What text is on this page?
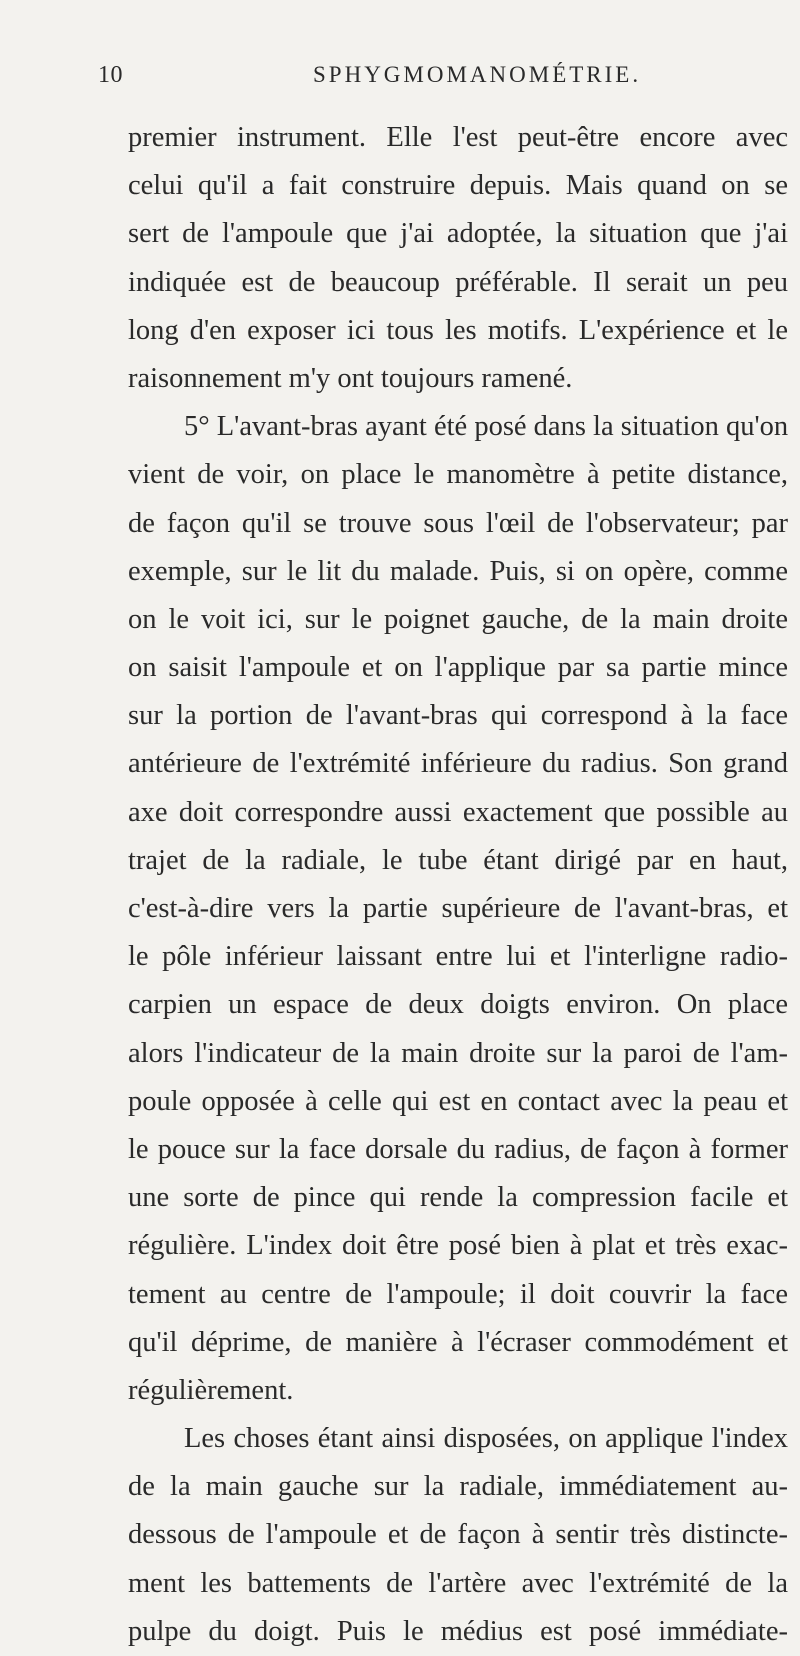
10	SPHYGMOMANOMÉTRIE.
premier instrument. Elle l'est peut-être encore avec
celui qu'il a fait construire depuis. Mais quand on se
sert de l'ampoule que j'ai adoptée, la situation que j'ai
indiquée est de beaucoup préférable. Il serait un peu
long d'en exposer ici tous les motifs. L'expérience et le
raisonnement m'y ont toujours ramené.
5° L'avant-bras ayant été posé dans la situation qu'on
vient de voir, on place le manomètre à petite distance,
de façon qu'il se trouve sous l'œil de l'observateur; par
exemple, sur le lit du malade. Puis, si on opère, comme
on le voit ici, sur le poignet gauche, de la main droite
on saisit l'ampoule et on l'applique par sa partie mince
sur la portion de l'avant-bras qui correspond à la face
antérieure de l'extrémité inférieure du radius. Son grand
axe doit correspondre aussi exactement que possible au
trajet de la radiale, le tube étant dirigé par en haut,
c'est-à-dire vers la partie supérieure de l'avant-bras, et
le pôle inférieur laissant entre lui et l'interligne radio-
carpien un espace de deux doigts environ. On place
alors l'indicateur de la main droite sur la paroi de l'am-
poule opposée à celle qui est en contact avec la peau et
le pouce sur la face dorsale du radius, de façon à former
une sorte de pince qui rende la compression facile et
régulière. L'index doit être posé bien à plat et très exac-
tement au centre de l'ampoule; il doit couvrir la face
qu'il déprime, de manière à l'écraser commodément et
régulièrement.
Les choses étant ainsi disposées, on applique l'index
de la main gauche sur la radiale, immédiatement au-
dessous de l'ampoule et de façon à sentir très distincte-
ment les battements de l'artère avec l'extrémité de la
pulpe du doigt. Puis le médius est posé immédiate-
